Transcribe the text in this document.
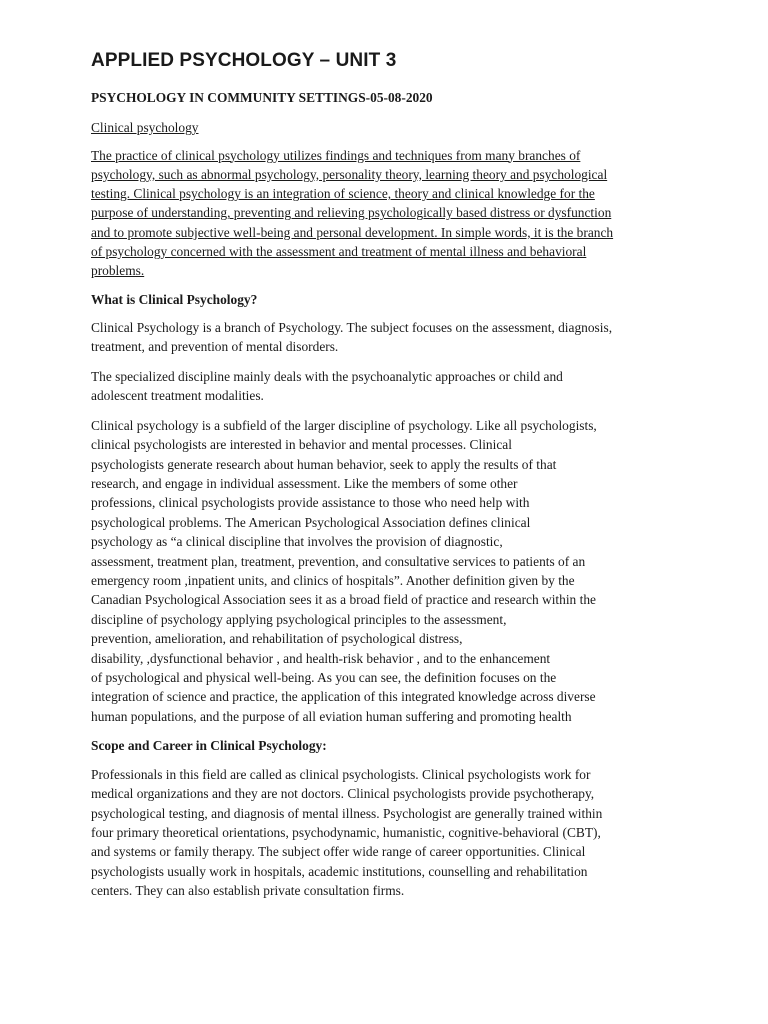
APPLIED PSYCHOLOGY – UNIT 3
PSYCHOLOGY IN COMMUNITY SETTINGS-05-08-2020
Clinical psychology
The practice of clinical psychology utilizes findings and techniques from many branches of
psychology, such as abnormal psychology, personality theory, learning theory and psychological
testing. Clinical psychology is an integration of science, theory and clinical knowledge for the
purpose of understanding, preventing and relieving psychologically based distress or dysfunction
and to promote subjective well-being and personal development. In simple words, it is the branch
of psychology concerned with the assessment and treatment of mental illness and behavioral
problems.
What is Clinical Psychology?
Clinical Psychology is a branch of Psychology. The subject focuses on the assessment, diagnosis,
treatment, and prevention of mental disorders.
The specialized discipline mainly deals with the psychoanalytic approaches or child and
adolescent treatment modalities.
Clinical psychology is a subfield of the larger discipline of psychology. Like all psychologists,
clinical psychologists are interested in behavior and mental processes. Clinical
psychologists generate research about human behavior, seek to apply the results of that
research, and engage in individual assessment. Like the members of some other
professions, clinical psychologists provide assistance to those who need help with
psychological problems. The American Psychological Association defines clinical
psychology as “a clinical discipline that involves the provision of diagnostic,
assessment, treatment plan, treatment, prevention, and consultative services to patients of an
emergency room ,inpatient units, and clinics of hospitals”. Another definition given by the
Canadian Psychological Association sees it as a broad field of practice and research within the
discipline of psychology applying psychological principles to the assessment,
prevention, amelioration, and rehabilitation of psychological distress,
disability, ,dysfunctional behavior , and health-risk behavior , and to the enhancement
of psychological and physical well-being. As you can see, the definition focuses on the
integration of science and practice, the application of this integrated knowledge across diverse
human populations, and the purpose of all eviation human suffering and promoting health
Scope and Career in Clinical Psychology:
Professionals in this field are called as clinical psychologists. Clinical psychologists work for
medical organizations and they are not doctors. Clinical psychologists provide psychotherapy,
psychological testing, and diagnosis of mental illness. Psychologist are generally trained within
four primary theoretical orientations, psychodynamic, humanistic, cognitive-behavioral (CBT),
and systems or family therapy. The subject offer wide range of career opportunities. Clinical
psychologists usually work in hospitals, academic institutions, counselling and rehabilitation
centers. They can also establish private consultation firms.
